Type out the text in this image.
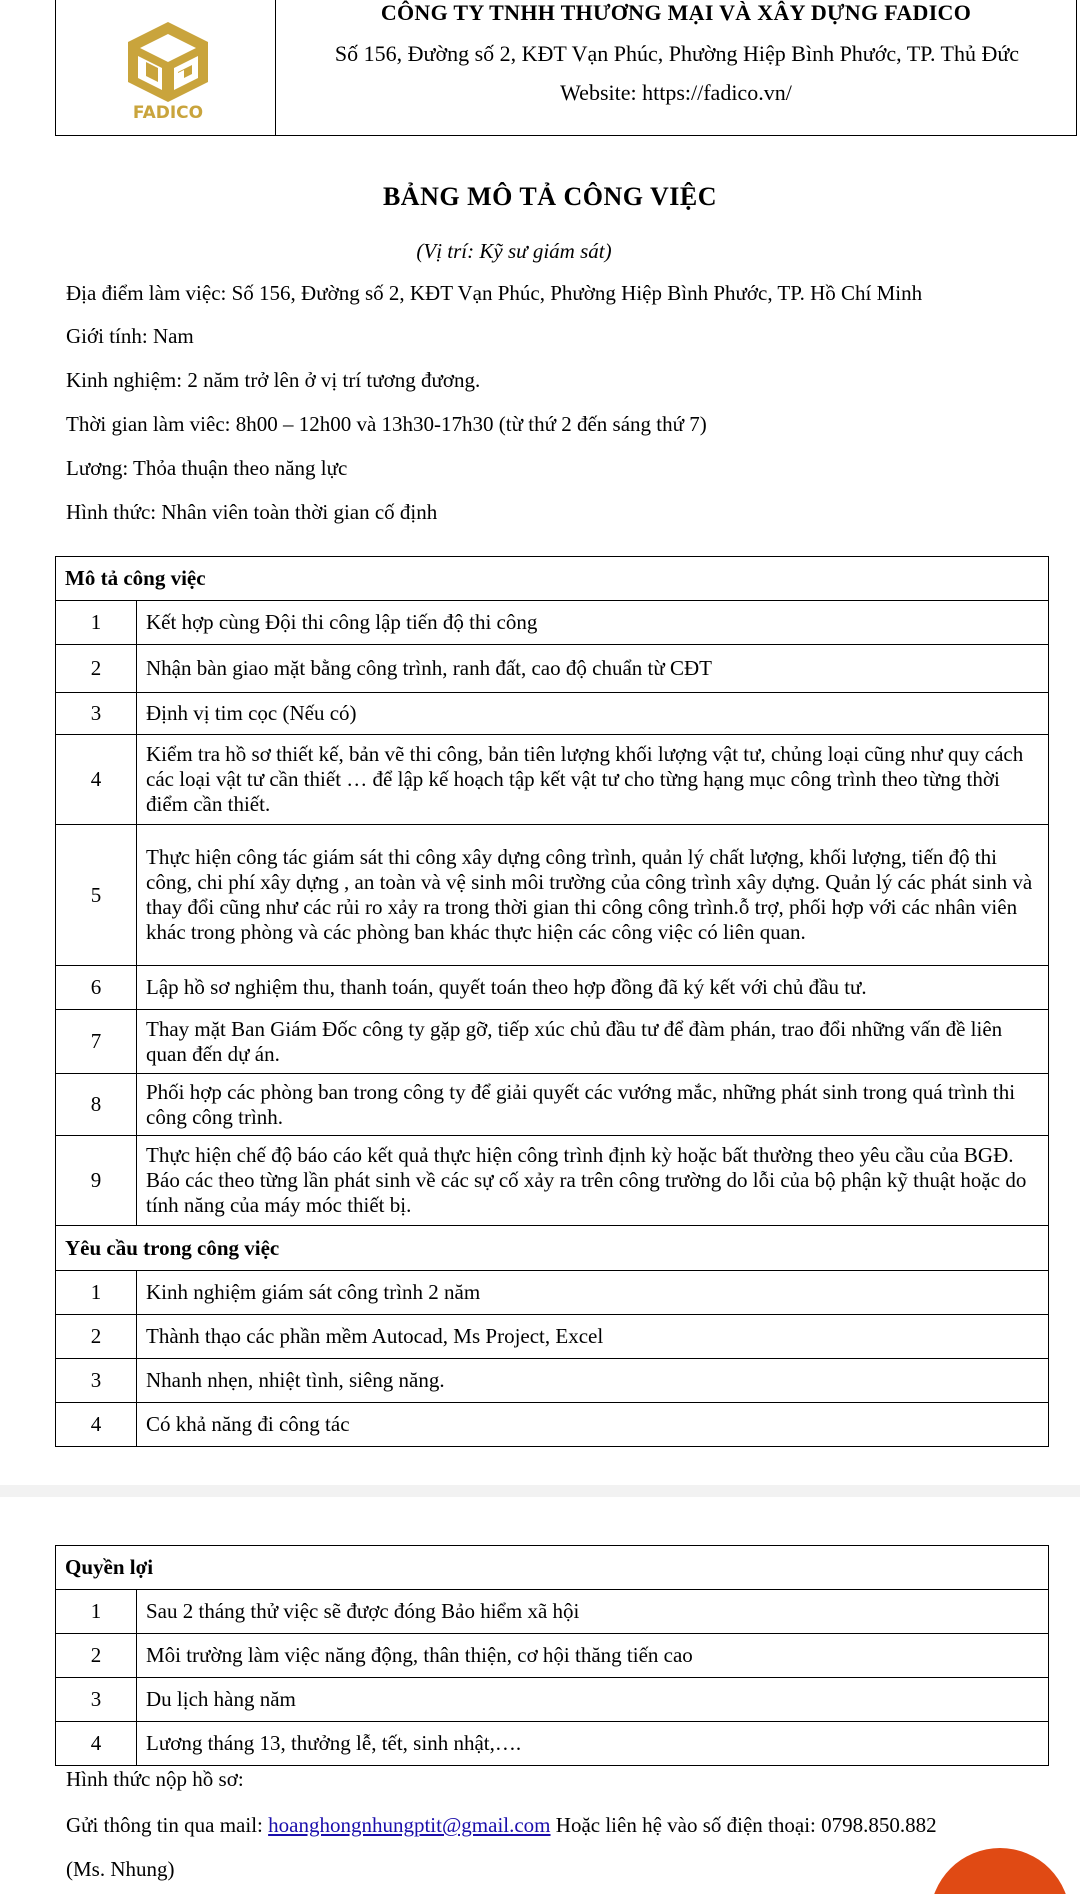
FADICO
CÔNG TY TNHH THƯƠNG MẠI VÀ XÂY DỰNG FADICO
Số 156, Đường số 2, KĐT Vạn Phúc, Phường Hiệp Bình Phước, TP. Thủ Đức
Website: https://fadico.vn/
BẢNG MÔ TẢ CÔNG VIỆC
(Vị trí: Kỹ sư giám sát)
Địa điểm làm việc: Số 156, Đường số 2, KĐT Vạn Phúc, Phường Hiệp Bình Phước, TP. Hồ Chí Minh
Giới tính: Nam
Kinh nghiệm: 2 năm trở lên ở vị trí tương đương.
Thời gian làm viêc: 8h00 – 12h00 và 13h30-17h30 (từ thứ 2 đến sáng thứ 7)
Lương: Thỏa thuận theo năng lực
Hình thức: Nhân viên toàn thời gian cố định
Mô tả công việc	
1	Kết hợp cùng Đội thi công lập tiến độ thi công
2	Nhận bàn giao mặt bằng công trình, ranh đất, cao độ chuẩn từ CĐT
3	Định vị tim cọc (Nếu có)
4	Kiểm tra hồ sơ thiết kế, bản vẽ thi công, bản tiên lượng khối lượng vật tư, chủng loại cũng như quy cách các loại vật tư cần thiết … để lập kế hoạch tập kết vật tư cho từng hạng mục công trình theo từng thời điểm cần thiết.
5	Thực hiện công tác giám sát thi công xây dựng công trình, quản lý chất lượng, khối lượng, tiến độ thi công, chi phí xây dựng , an toàn và vệ sinh môi trường của công trình xây dựng. Quản lý các phát sinh và thay đổi cũng như các rủi ro xảy ra trong thời gian thi công công trình.ỗ trợ, phối hợp với các nhân viên khác trong phòng và các phòng ban khác thực hiện các công việc có liên quan.
6	Lập hồ sơ nghiệm thu, thanh toán, quyết toán theo hợp đồng đã ký kết với chủ đầu tư.
7	Thay mặt Ban Giám Đốc công ty gặp gỡ, tiếp xúc chủ đầu tư để đàm phán, trao đổi những vấn đề liên quan đến dự án.
8	Phối hợp các phòng ban trong công ty để giải quyết các vướng mắc, những phát sinh trong quá trình thi công công trình.
9	Thực hiện chế độ báo cáo kết quả thực hiện công trình định kỳ hoặc bất thường theo yêu cầu của BGĐ. Báo các theo từng lần phát sinh về các sự cố xảy ra trên công trường do lỗi của bộ phận kỹ thuật hoặc do tính năng của máy móc thiết bị.
Yêu cầu trong công việc	
1	Kinh nghiệm giám sát công trình 2 năm
2	Thành thạo các phần mềm Autocad, Ms Project, Excel
3	Nhanh nhẹn, nhiệt tình, siêng năng.
4	Có khả năng đi công tác
Quyền lợi	
1	Sau 2 tháng thử việc sẽ được đóng Bảo hiểm xã hội
2	Môi trường làm việc năng động, thân thiện, cơ hội thăng tiến cao
3	Du lịch hàng năm
4	Lương tháng 13, thưởng lễ, tết, sinh nhật,….
Hình thức nộp hồ sơ:
Gửi thông tin qua mail: hoanghongnhungptit@gmail.com Hoặc liên hệ vào số điện thoại: 0798.850.882
(Ms. Nhung)
